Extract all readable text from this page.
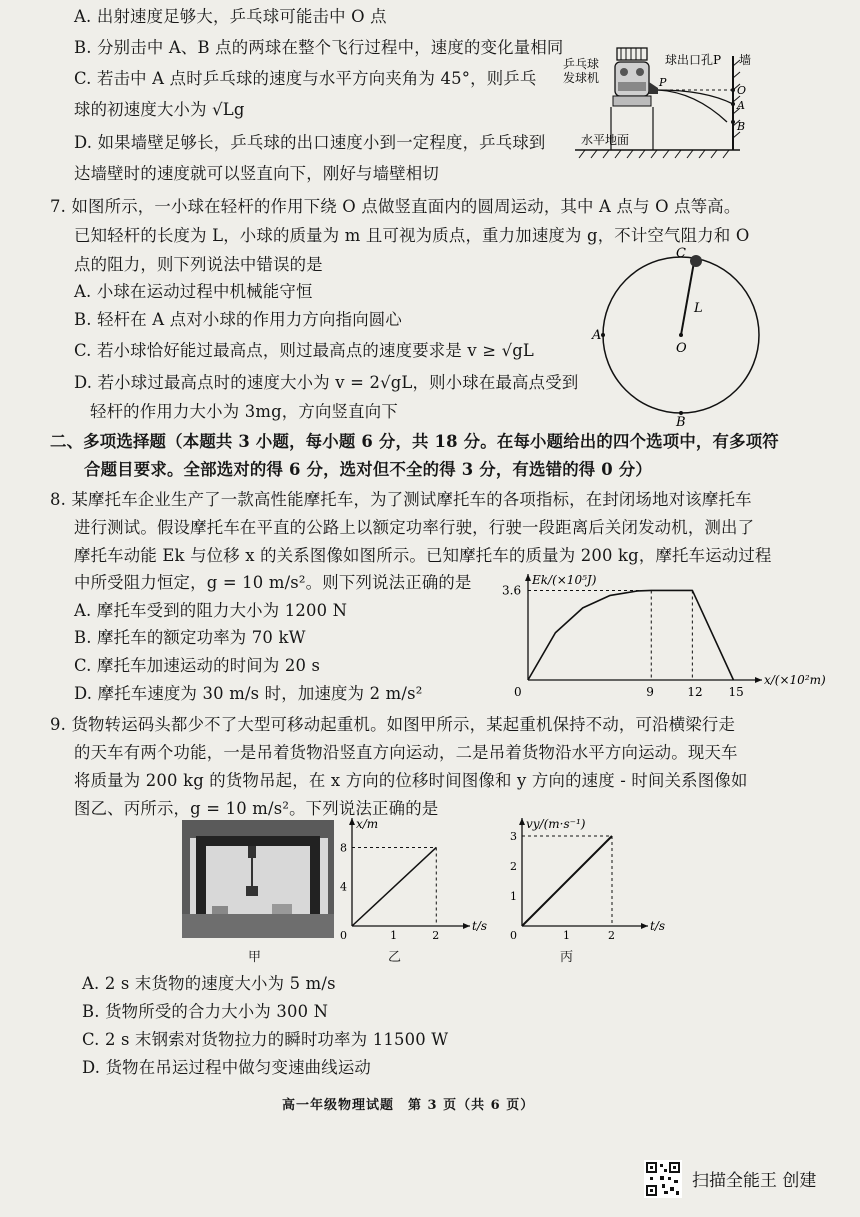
A. 出射速度足够大，乒乓球可能击中 O 点
B. 分别击中 A、B 点的两球在整个飞行过程中，速度的变化量相同
C. 若击中 A 点时乒乓球的速度与水平方向夹角为 45°，则乒乓
球的初速度大小为 √Lg
D. 如果墙壁足够长，乒乓球的出口速度小到一定程度，乒乓球到
达墙壁时的速度就可以竖直向下，刚好与墙壁相切
乒乓球
发球机
球出口孔P 墙
水平地面
P
O
A
B
7. 如图所示，一小球在轻杆的作用下绕 O 点做竖直面内的圆周运动，其中 A 点与 O 点等高。
已知轻杆的长度为 L，小球的质量为 m 且可视为质点，重力加速度为 g，不计空气阻力和 O
点的阻力，则下列说法中错误的是
A. 小球在运动过程中机械能守恒
B. 轻杆在 A 点对小球的作用力方向指向圆心
C. 若小球恰好能过最高点，则过最高点的速度要求是 v ≥ √gL
D. 若小球过最高点时的速度大小为 v = 2√gL，则小球在最高点受到
轻杆的作用力大小为 3mg，方向竖直向下
C
L
A
O
B
二、多项选择题（本题共 3 小题，每小题 6 分，共 18 分。在每小题给出的四个选项中，有多项符
合题目要求。全部选对的得 6 分，选对但不全的得 3 分，有选错的得 0 分）
8. 某摩托车企业生产了一款高性能摩托车，为了测试摩托车的各项指标，在封闭场地对该摩托车
进行测试。假设摩托车在平直的公路上以额定功率行驶，行驶一段距离后关闭发动机，测出了
摩托车动能 Ek 与位移 x 的关系图像如图所示。已知摩托车的质量为 200 kg，摩托车运动过程
中所受阻力恒定，g = 10 m/s²。则下列说法正确的是
A. 摩托车受到的阻力大小为 1200 N
B. 摩托车的额定功率为 70 kW
C. 摩托车加速运动的时间为 20 s
D. 摩托车速度为 30 m/s 时，加速度为 2 m/s²
x/(×10²m)
Ek/(×10⁵J)
0	9	12 15
3.6
9. 货物转运码头都少不了大型可移动起重机。如图甲所示，某起重机保持不动，可沿横梁行走
的天车有两个功能，一是吊着货物沿竖直方向运动，二是吊着货物沿水平方向运动。现天车
将质量为 200 kg 的货物吊起，在 x 方向的位移时间图像和 y 方向的速度 - 时间关系图像如
图乙、丙所示，g = 10 m/s²。下列说法正确的是
甲
t/s
x/m
0	1	2
4
8
乙
t/s
vy/(m·s⁻¹)
0	1	2
1
2
3
丙
A. 2 s 末货物的速度大小为 5 m/s
B. 货物所受的合力大小为 300 N
C. 2 s 末钢索对货物拉力的瞬时功率为 11500 W
D. 货物在吊运过程中做匀变速曲线运动
高一年级物理试题　第 3 页（共 6 页）
扫描全能王 创建
